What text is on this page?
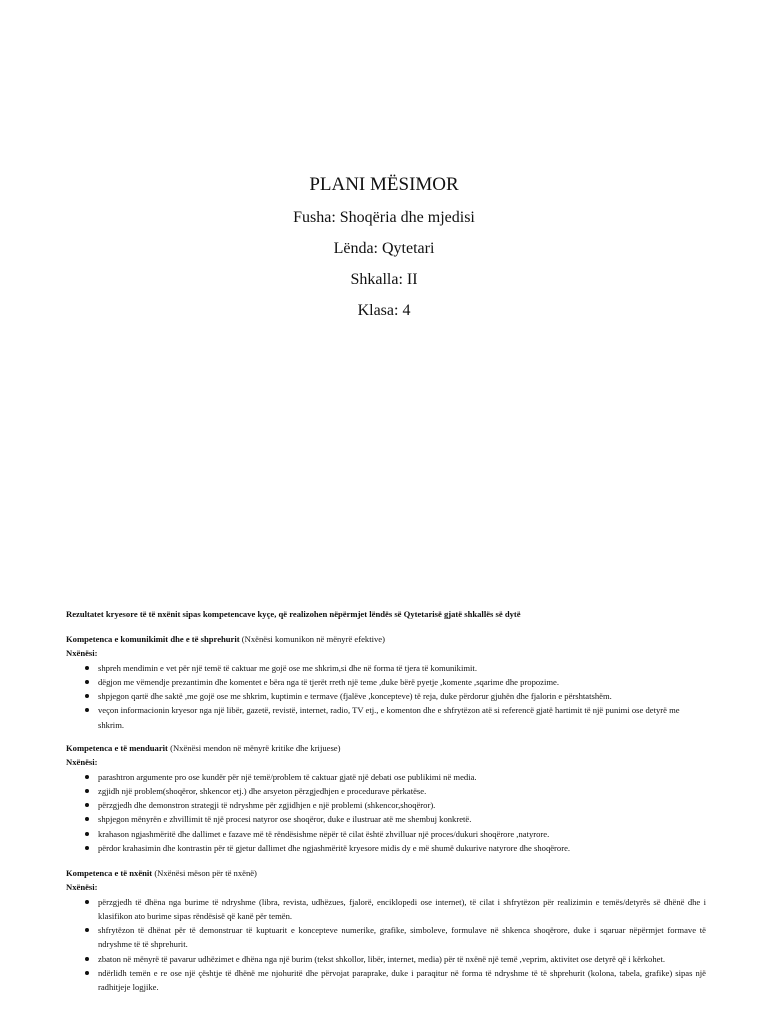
PLANI MËSIMOR
Fusha: Shoqëria dhe mjedisi
Lënda: Qytetari
Shkalla: II
Klasa: 4
Rezultatet kryesore të të nxënit sipas kompetencave kyçe, që realizohen nëpërmjet lëndës së Qytetarisë gjatë shkallës së dytë
Kompetenca e komunikimit dhe e të shprehurit (Nxënësi komunikon në mënyrë efektive)
Nxënësi:
shpreh mendimin e vet për një temë të caktuar me gojë ose me shkrim,si dhe në forma të tjera të komunikimit.
dëgjon me vëmendje prezantimin dhe komentet e bëra nga të tjerët rreth një teme ,duke bërë pyetje ,komente ,sqarime dhe propozime.
shpjegon qartë dhe saktë ,me gojë ose me shkrim, kuptimin e termave (fjalëve ,koncepteve) të reja, duke përdorur gjuhën dhe fjalorin e përshtatshëm.
veçon informacionin kryesor nga një libër, gazetë, revistë, internet, radio, TV etj., e komenton dhe e shfrytëzon atë si referencë gjatë hartimit të një punimi ose detyrë me shkrim.
Kompetenca e të menduarit (Nxënësi mendon në mënyrë kritike dhe krijuese)
Nxënësi:
parashtron argumente pro ose kundër për një temë/problem të caktuar gjatë një debati ose publikimi në media.
zgjidh një problem(shoqëror, shkencor etj.) dhe arsyeton përzgjedhjen e procedurave përkatëse.
përzgjedh dhe demonstron strategji të ndryshme për zgjidhjen e një problemi (shkencor,shoqëror).
shpjegon mënyrën e zhvillimit të një procesi natyror ose shoqëror, duke e ilustruar atë me shembuj konkretë.
krahason ngjashmëritë dhe dallimet e fazave më të rëndësishme nëpër të cilat është zhvilluar një proces/dukuri shoqërore ,natyrore.
përdor krahasimin dhe kontrastin për të gjetur dallimet dhe ngjashmëritë kryesore midis dy e më shumë dukurive natyrore dhe shoqërore.
Kompetenca e të nxënit (Nxënësi mëson për të nxënë)
Nxënësi:
përzgjedh të dhëna nga burime të ndryshme (libra, revista, udhëzues, fjalorë, enciklopedi ose internet), të cilat i shfrytëzon për realizimin e temës/detyrës së dhënë dhe i klasifikon ato burime sipas rëndësisë që kanë për temën.
shfrytëzon të dhënat për të demonstruar të kuptuarit e koncepteve numerike, grafike, simboleve, formulave në shkenca shoqërore, duke i sqaruar nëpërmjet formave të ndryshme të të shprehurit.
zbaton në mënyrë të pavarur udhëzimet e dhëna nga një burim (tekst shkollor, libër, internet, media) për të nxënë një temë ,veprim, aktivitet ose detyrë që i kërkohet.
ndërlidh temën e re ose një çështje të dhënë me njohuritë dhe përvojat paraprake, duke i paraqitur në forma të ndryshme të të shprehurit (kolona, tabela, grafike) sipas një radhitjeje logjike.
